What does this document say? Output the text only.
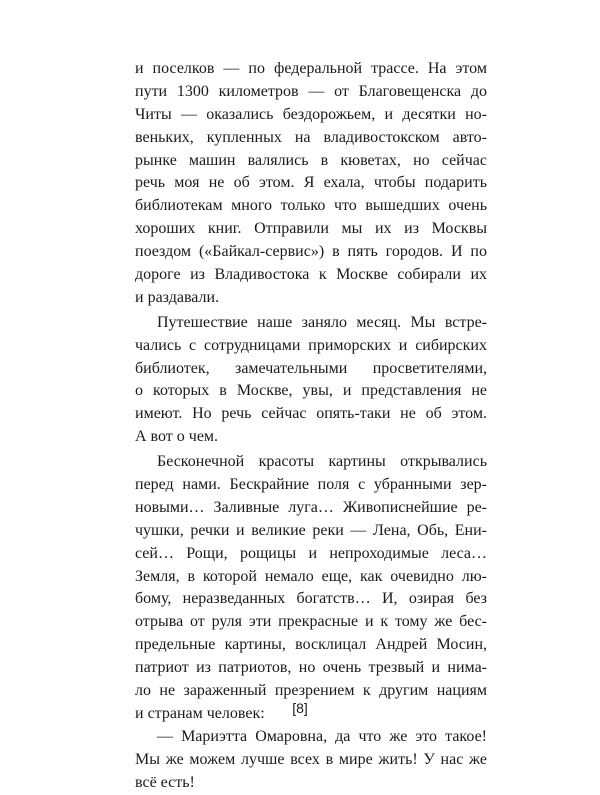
и поселков — по федеральной трассе. На этом
пути 1300 километров — от Благовещенска до
Читы — оказались бездорожьем, и десятки но-
веньких, купленных на владивостокском авто-
рынке машин валялись в кюветах, но сейчас
речь моя не об этом. Я ехала, чтобы подарить
библиотекам много только что вышедших очень
хороших книг. Отправили мы их из Москвы
поездом («Байкал-сервис») в пять городов. И по
дороге из Владивостока к Москве собирали их
и раздавали.
Путешествие наше заняло месяц. Мы встре-
чались с сотрудницами приморских и сибирских
библиотек, замечательными просветителями,
о которых в Москве, увы, и представления не
имеют. Но речь сейчас опять-таки не об этом.
А вот о чем.
Бесконечной красоты картины открывались
перед нами. Бескрайние поля с убранными зер-
новыми… Заливные луга… Живописнейшие ре-
чушки, речки и великие реки — Лена, Обь, Ени-
сей… Рощи, рощицы и непроходимые леса…
Земля, в которой немало еще, как очевидно лю-
бому, неразведанных богатств… И, озирая без
отрыва от руля эти прекрасные и к тому же бес-
предельные картины, восклицал Андрей Мосин,
патриот из патриотов, но очень трезвый и нима-
ло не зараженный презрением к другим нациям
и странам человек:
— Мариэтта Омаровна, да что же это такое!
Мы же можем лучше всех в мире жить! У нас же
всё есть!
[8]
